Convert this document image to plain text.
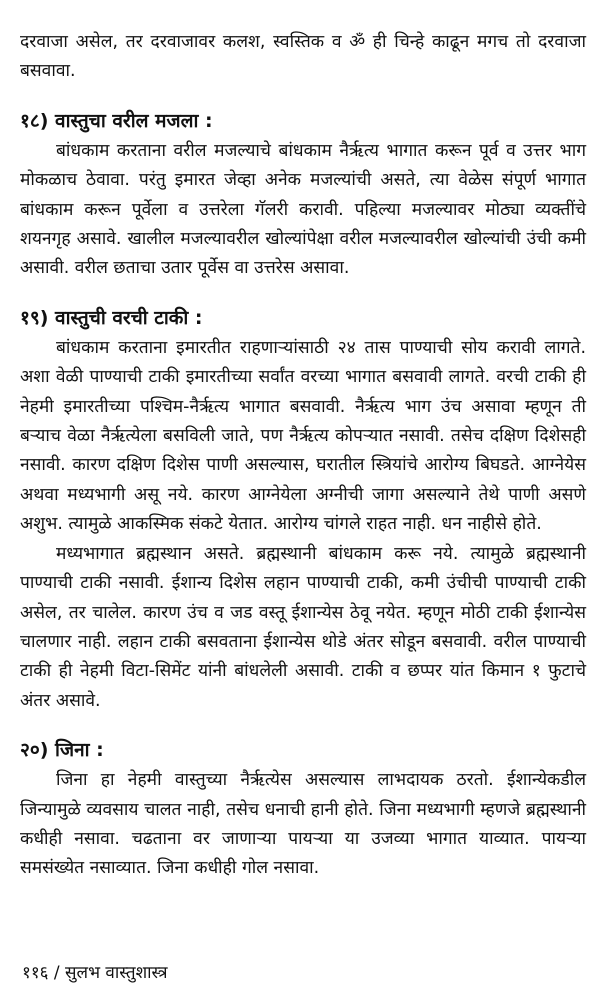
दरवाजा असेल, तर दरवाजावर कलश, स्वस्तिक व ॐ ही चिन्हे काढून मगच तो दरवाजा बसवावा.

१८) वास्तुचा वरील मजला :

बांधकाम करताना वरील मजल्याचे बांधकाम नैर्ऋत्य भागात करून पूर्व व उत्तर भाग मोकळाच ठेवावा. परंतु इमारत जेव्हा अनेक मजल्यांची असते, त्या वेळेस संपूर्ण भागात बांधकाम करून पूर्वेला व उत्तरेला गॅलरी करावी. पहिल्या मजल्यावर मोठ्या व्यक्तींचे शयनगृह असावे. खालील मजल्यावरील खोल्यांपेक्षा वरील मजल्यावरील खोल्यांची उंची कमी असावी. वरील छताचा उतार पूर्वेस वा उत्तरेस असावा.

१९) वास्तुची वरची टाकी :

बांधकाम करताना इमारतीत राहणाऱ्यांसाठी २४ तास पाण्याची सोय करावी लागते. अशा वेळी पाण्याची टाकी इमारतीच्या सर्वांत वरच्या भागात बसवावी लागते. वरची टाकी ही नेहमी इमारतीच्या पश्चिम-नैर्ऋत्य भागात बसवावी. नैर्ऋत्य भाग उंच असावा म्हणून ती बऱ्याच वेळा नैर्ऋत्येला बसविली जाते, पण नैर्ऋत्य कोपऱ्यात नसावी. तसेच दक्षिण दिशेसही नसावी. कारण दक्षिण दिशेस पाणी असल्यास, घरातील स्त्रियांचे आरोग्य बिघडते. आग्नेयेस अथवा मध्यभागी असू नये. कारण आग्नेयेला अग्नीची जागा असल्याने तेथे पाणी असणे अशुभ. त्यामुळे आकस्मिक संकटे येतात. आरोग्य चांगले राहत नाही. धन नाहीसे होते.

मध्यभागात ब्रह्मस्थान असते. ब्रह्मस्थानी बांधकाम करू नये. त्यामुळे ब्रह्मस्थानी पाण्याची टाकी नसावी. ईशान्य दिशेस लहान पाण्याची टाकी, कमी उंचीची पाण्याची टाकी असेल, तर चालेल. कारण उंच व जड वस्तू ईशान्येस ठेवू नयेत. म्हणून मोठी टाकी ईशान्येस चालणार नाही. लहान टाकी बसवताना ईशान्येस थोडे अंतर सोडून बसवावी. वरील पाण्याची टाकी ही नेहमी विटा-सिमेंट यांनी बांधलेली असावी. टाकी व छप्पर यांत किमान १ फुटाचे अंतर असावे.

२०) जिना :

जिना हा नेहमी वास्तुच्या नैर्ऋत्येस असल्यास लाभदायक ठरतो. ईशान्येकडील जिन्यामुळे व्यवसाय चालत नाही, तसेच धनाची हानी होते. जिना मध्यभागी म्हणजे ब्रह्मस्थानी कधीही नसावा. चढताना वर जाणाऱ्या पायऱ्या या उजव्या भागात याव्यात. पायऱ्या समसंख्येत नसाव्यात. जिना कधीही गोल नसावा.

११६ / सुलभ वास्तुशास्त्र
